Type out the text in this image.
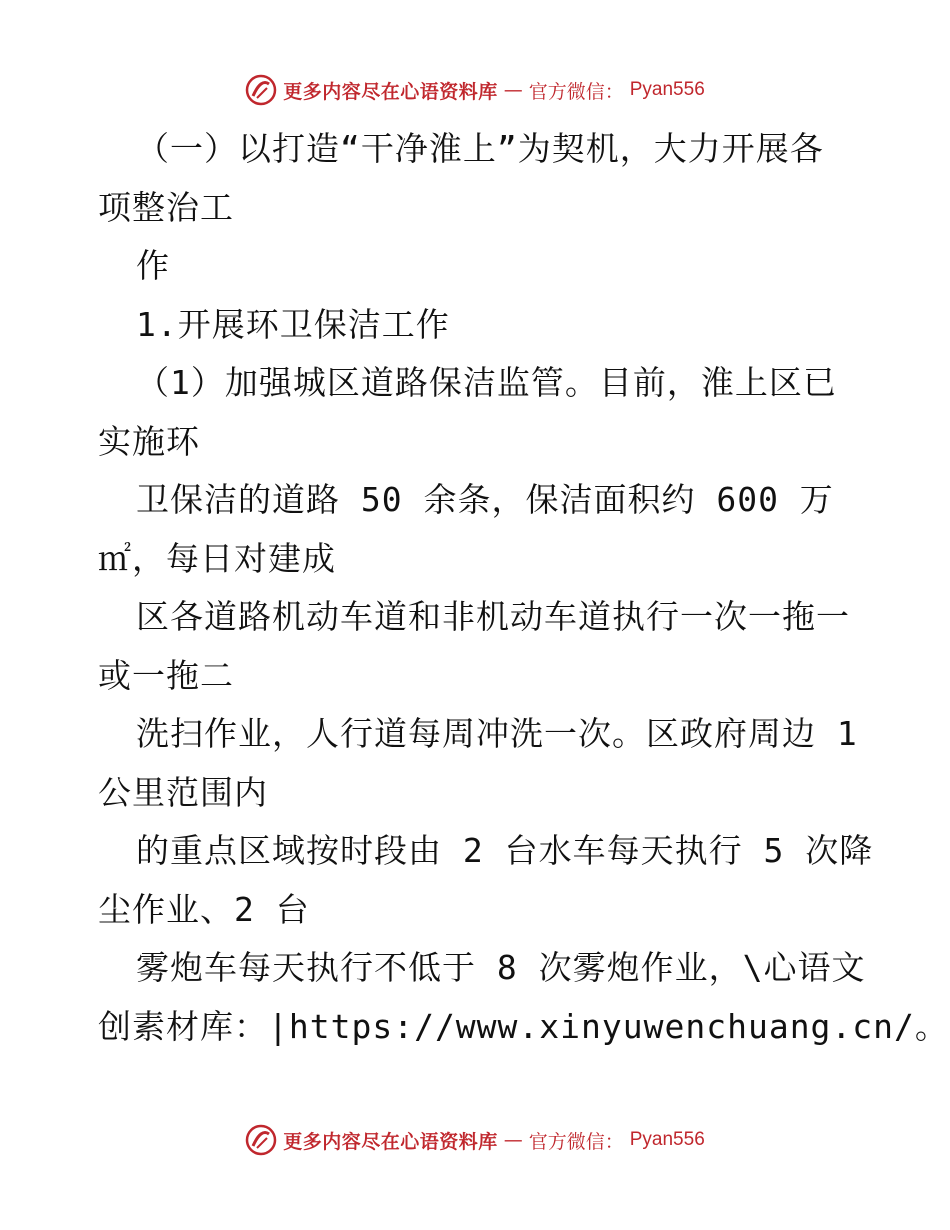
更多内容尽在心语资料库 — 官方微信： Pyan556
（一）以打造“干净淮上”为契机，大力开展各
项整治工
作
1.开展环卫保洁工作
（1）加强城区道路保洁监管。目前，淮上区已
实施环
卫保洁的道路 50 余条，保洁面积约 600 万
㎡，每日对建成
区各道路机动车道和非机动车道执行一次一拖一
或一拖二
洗扫作业，人行道每周冲洗一次。区政府周边 1
公里范围内
的重点区域按时段由 2 台水车每天执行 5 次降
尘作业、2 台
雾炮车每天执行不低于 8 次雾炮作业，\心语文
创素材库：|https://www.xinyuwenchuang.cn/。
更多内容尽在心语资料库 — 官方微信： Pyan556
